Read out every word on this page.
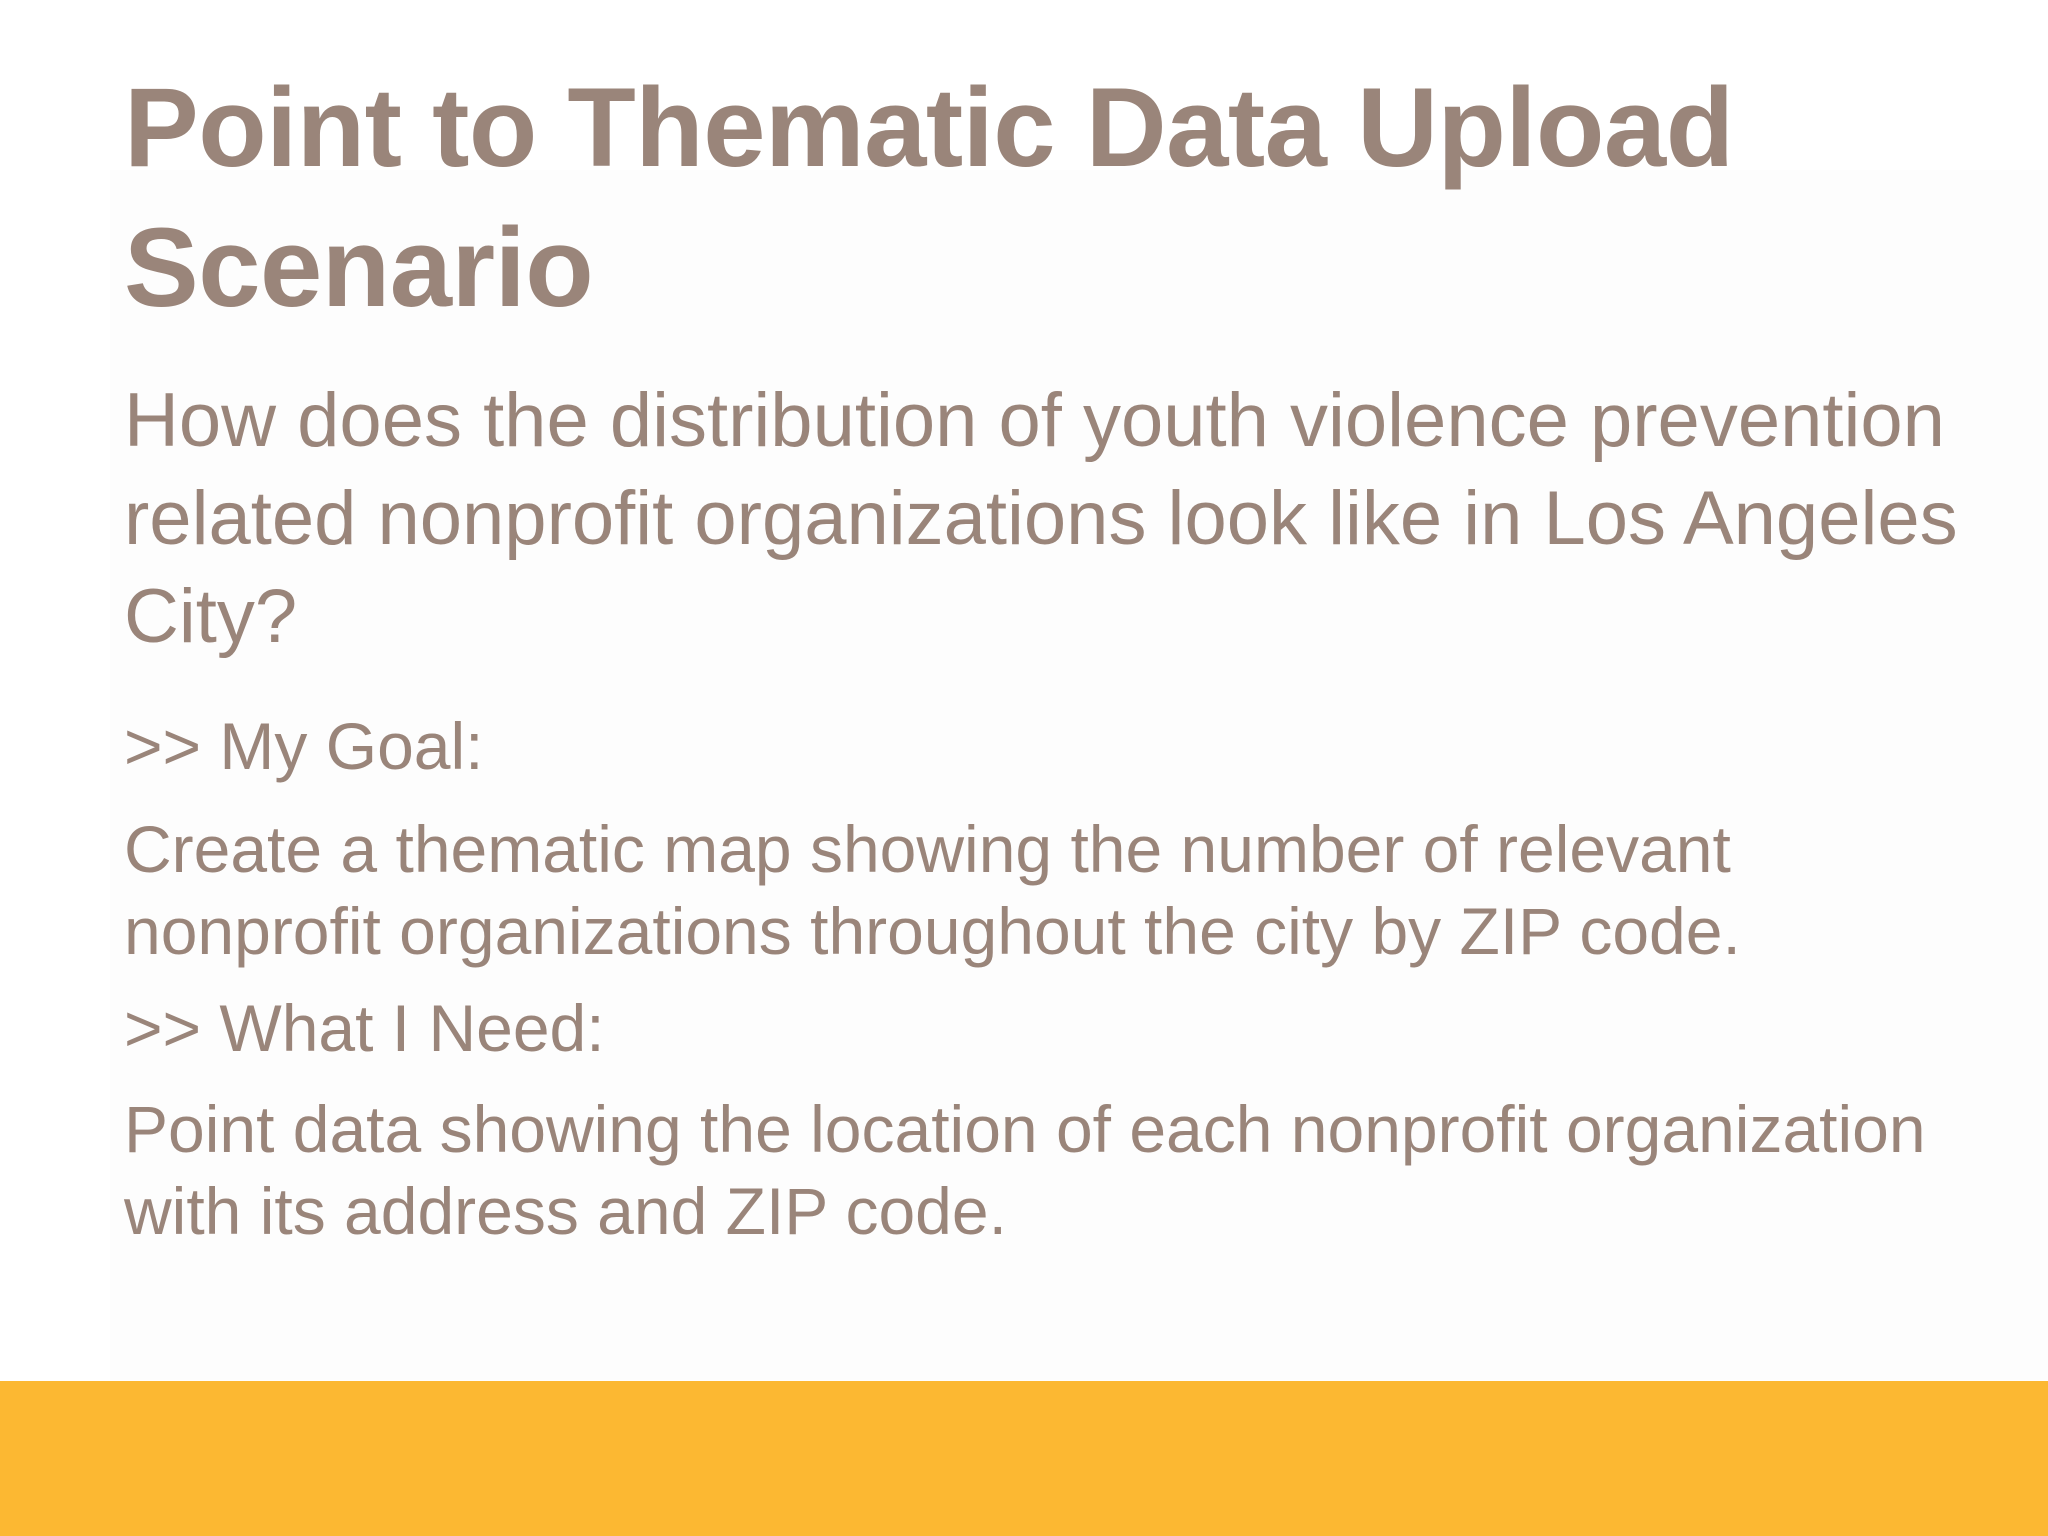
Point to Thematic Data Upload Scenario

How does the distribution of youth violence prevention related nonprofit organizations look like in Los Angeles City?

>> My Goal:

Create a thematic map showing the number of relevant nonprofit organizations throughout the city by ZIP code.

>> What I Need:

Point data showing the location of each nonprofit organization with its address and ZIP code.
